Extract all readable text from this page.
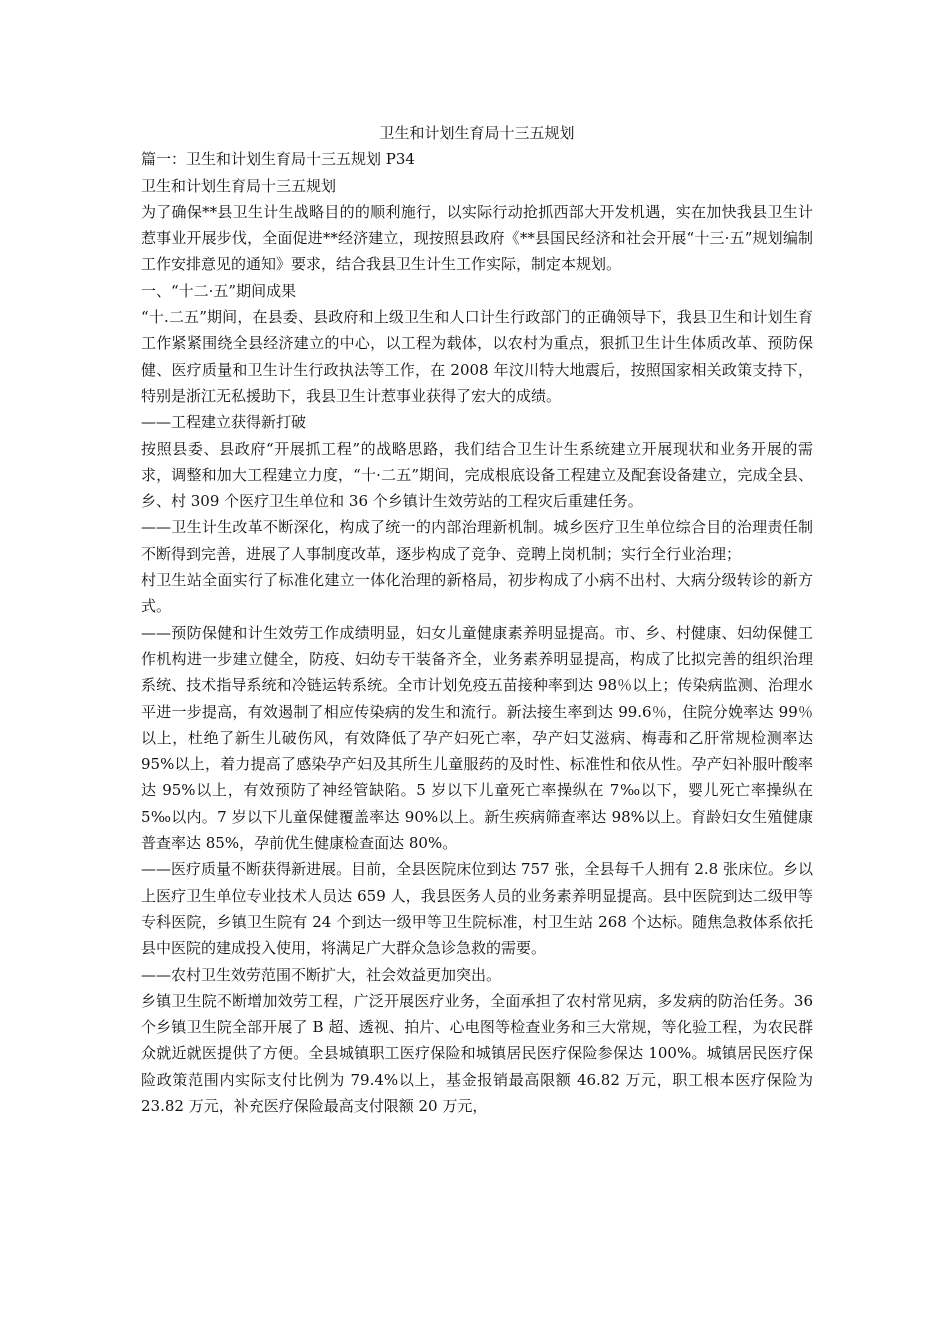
卫生和计划生育局十三五规划

篇一：卫生和计划生育局十三五规划 P34

卫生和计划生育局十三五规划

为了确保**县卫生计生战略目的的顺利施行，以实际行动抢抓西部大开发机遇，实在加快我县卫生计惹事业开展步伐，全面促进**经济建立，现按照县政府《**县国民经济和社会开展“十三·五”规划编制工作安排意见的通知》要求，结合我县卫生计生工作实际，制定本规划。

一、“十二·五”期间成果

“十.二五”期间，在县委、县政府和上级卫生和人口计生行政部门的正确领导下，我县卫生和计划生育工作紧紧围绕全县经济建立的中心，以工程为载体，以农村为重点，狠抓卫生计生体质改革、预防保健、医疗质量和卫生计生行政执法等工作，在 2008 年汶川特大地震后，按照国家相关政策支持下，特别是浙江无私援助下，我县卫生计惹事业获得了宏大的成绩。

——工程建立获得新打破

按照县委、县政府“开展抓工程”的战略思路，我们结合卫生计生系统建立开展现状和业务开展的需求，调整和加大工程建立力度，“十·二五”期间，完成根底设备工程建立及配套设备建立，完成全县、乡、村 309 个医疗卫生单位和 36 个乡镇计生效劳站的工程灾后重建任务。

——卫生计生改革不断深化，构成了统一的内部治理新机制。城乡医疗卫生单位综合目的治理责任制不断得到完善，进展了人事制度改革，逐步构成了竞争、竞聘上岗机制；实行全行业治理；

村卫生站全面实行了标准化建立一体化治理的新格局，初步构成了小病不出村、大病分级转诊的新方式。

——预防保健和计生效劳工作成绩明显，妇女儿童健康素养明显提高。市、乡、村健康、妇幼保健工作机构进一步建立健全，防疫、妇幼专干装备齐全，业务素养明显提高，构成了比拟完善的组织治理系统、技术指导系统和冷链运转系统。全市计划免疫五苗接种率到达 98％以上；传染病监测、治理水平进一步提高，有效遏制了相应传染病的发生和流行。新法接生率到达 99.6％，住院分娩率达 99％以上，杜绝了新生儿破伤风，有效降低了孕产妇死亡率，孕产妇艾滋病、梅毒和乙肝常规检测率达 95%以上，着力提高了感染孕产妇及其所生儿童服药的及时性、标准性和依从性。孕产妇补服叶酸率达 95%以上，有效预防了神经管缺陷。5 岁以下儿童死亡率操纵在 7‰以下，婴儿死亡率操纵在 5‰以内。7 岁以下儿童保健覆盖率达 90%以上。新生疾病筛查率达 98%以上。育龄妇女生殖健康普查率达 85%，孕前优生健康检查面达 80%。

——医疗质量不断获得新进展。目前，全县医院床位到达 757 张，全县每千人拥有 2.8 张床位。乡以上医疗卫生单位专业技术人员达 659 人，我县医务人员的业务素养明显提高。县中医院到达二级甲等专科医院，乡镇卫生院有 24 个到达一级甲等卫生院标准，村卫生站 268 个达标。随焦急救体系依托县中医院的建成投入使用，将满足广大群众急诊急救的需要。

——农村卫生效劳范围不断扩大，社会效益更加突出。

乡镇卫生院不断增加效劳工程，广泛开展医疗业务，全面承担了农村常见病，多发病的防治任务。36 个乡镇卫生院全部开展了 B 超、透视、拍片、心电图等检查业务和三大常规，等化验工程，为农民群众就近就医提供了方便。全县城镇职工医疗保险和城镇居民医疗保险参保达 100%。城镇居民医疗保险政策范围内实际支付比例为 79.4%以上，基金报销最高限额 46.82 万元，职工根本医疗保险为 23.82 万元，补充医疗保险最高支付限额 20 万元，
